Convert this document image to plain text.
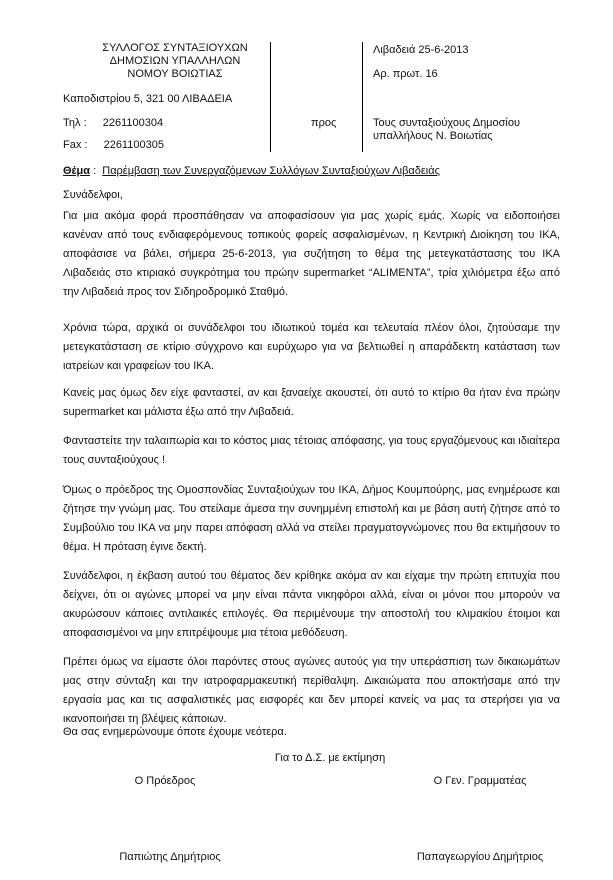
ΣΥΛΛΟΓΟΣ ΣΥΝΤΑΞΙΟΥΧΩΝ
ΔΗΜΟΣΙΩΝ ΥΠΑΛΛΗΛΩΝ
ΝΟΜΟΥ ΒΟΙΩΤΙΑΣ
Καποδιστρίου 5, 321 00 ΛΙΒΑΔΕΙΑ
Τηλ : 2261100304
Fax : 2261100305
Λιβαδειά 25-6-2013
Αρ. πρωτ. 16
προς	Τους συνταξιούχους Δημοσίου
υπαλλήλους Ν. Βοιωτίας
Θέμα :  Παρέμβαση των Συνεργαζόμενων Συλλόγων Συνταξιούχων Λιβαδειάς
Συνάδελφοι,

Για μια ακόμα φορά προσπάθησαν να αποφασίσουν για μας χωρίς εμάς. Χωρίς να ειδοποιήσει κανέναν από τους ενδιαφερόμενους τοπικούς φορείς ασφαλισμένων, η Κεντρική Διοίκηση του ΙΚΑ, αποφάσισε να βάλει, σήμερα 25-6-2013, για συζήτηση το θέμα της μετεγκατάστασης του ΙΚΑ Λιβαδειάς στο κτιριακό συγκρότημα του πρώην supermarket “ALIMENTA”, τρία χιλιόμετρα έξω από την Λιβαδειά προς τον Σιδηροδρομικό Σταθμό.

Χρόνια τώρα, αρχικά οι συνάδελφοι του ιδιωτικού τομέα και τελευταία πλέον όλοι, ζητούσαμε την μετεγκατάσταση σε κτίριο σύγχρονο και ευρύχωρο για να βελτιωθεί η απαράδεκτη κατάσταση των ιατρείων και γραφείων του ΙΚΑ.

Κανείς μας όμως δεν είχε φανταστεί, αν και ξαναείχε ακουστεί, ότι αυτό το κτίριο θα ήταν ένα πρώην supermarket και μάλιστα έξω από την Λιβαδειά.

Φανταστείτε την ταλαιπωρία και το κόστος μιας τέτοιας απόφασης, για τους εργαζόμενους και ιδιαίτερα τους συνταξιούχους !

Όμως ο πρόεδρος της Ομοσπονδίας Συνταξιούχων του ΙΚΑ, Δήμος Κουμπούρης, μας ενημέρωσε και ζήτησε την γνώμη μας. Του στείλαμε άμεσα την συνημμένη επιστολή και με βάση αυτή ζήτησε από το Συμβούλιο του ΙΚΑ να μην παρει απόφαση αλλά να στείλει πραγματογνώμονες που θα εκτιμήσουν το θέμα. Η πρόταση έγινε δεκτή.

Συνάδελφοι, η έκβαση αυτού του θέματος δεν κρίθηκε ακόμα αν και είχαμε την πρώτη επιτυχία που δείχνει, ότι οι αγώνες μπορεί να μην είναι πάντα νικηφόροι αλλά, είναι οι μόνοι που μπορούν να ακυρώσουν κάποιες αντιλαικές επιλογές. Θα περιμένουμε την αποστολή του κλιμακίου έτοιμοι και αποφασισμένοι να μην επιτρέψουμε μια τέτοια μεθόδευση.

Πρέπει όμως να είμαστε όλοι παρόντες στους αγώνες αυτούς για την υπεράσπιση των δικαιωμάτων μας στην σύνταξη και την ιατροφαρμακευτική περίθαλψη. Δικαιώματα που αποκτήσαμε από την εργασία μας και τις ασφαλιστικές μας εισφορές και δεν μπορεί κανείς να μας τα στερήσει για να ικανοποιήσει τη βλέψεις κάποιων.

Θα σας ενημερώνουμε όποτε έχουμε νεότερα.
Για το Δ.Σ. με εκτίμηση
Ο Πρόεδρος	Ο Γεν. Γραμματέας
Παπιώτης Δημήτριος	Παπαγεωργίου Δημήτριος
